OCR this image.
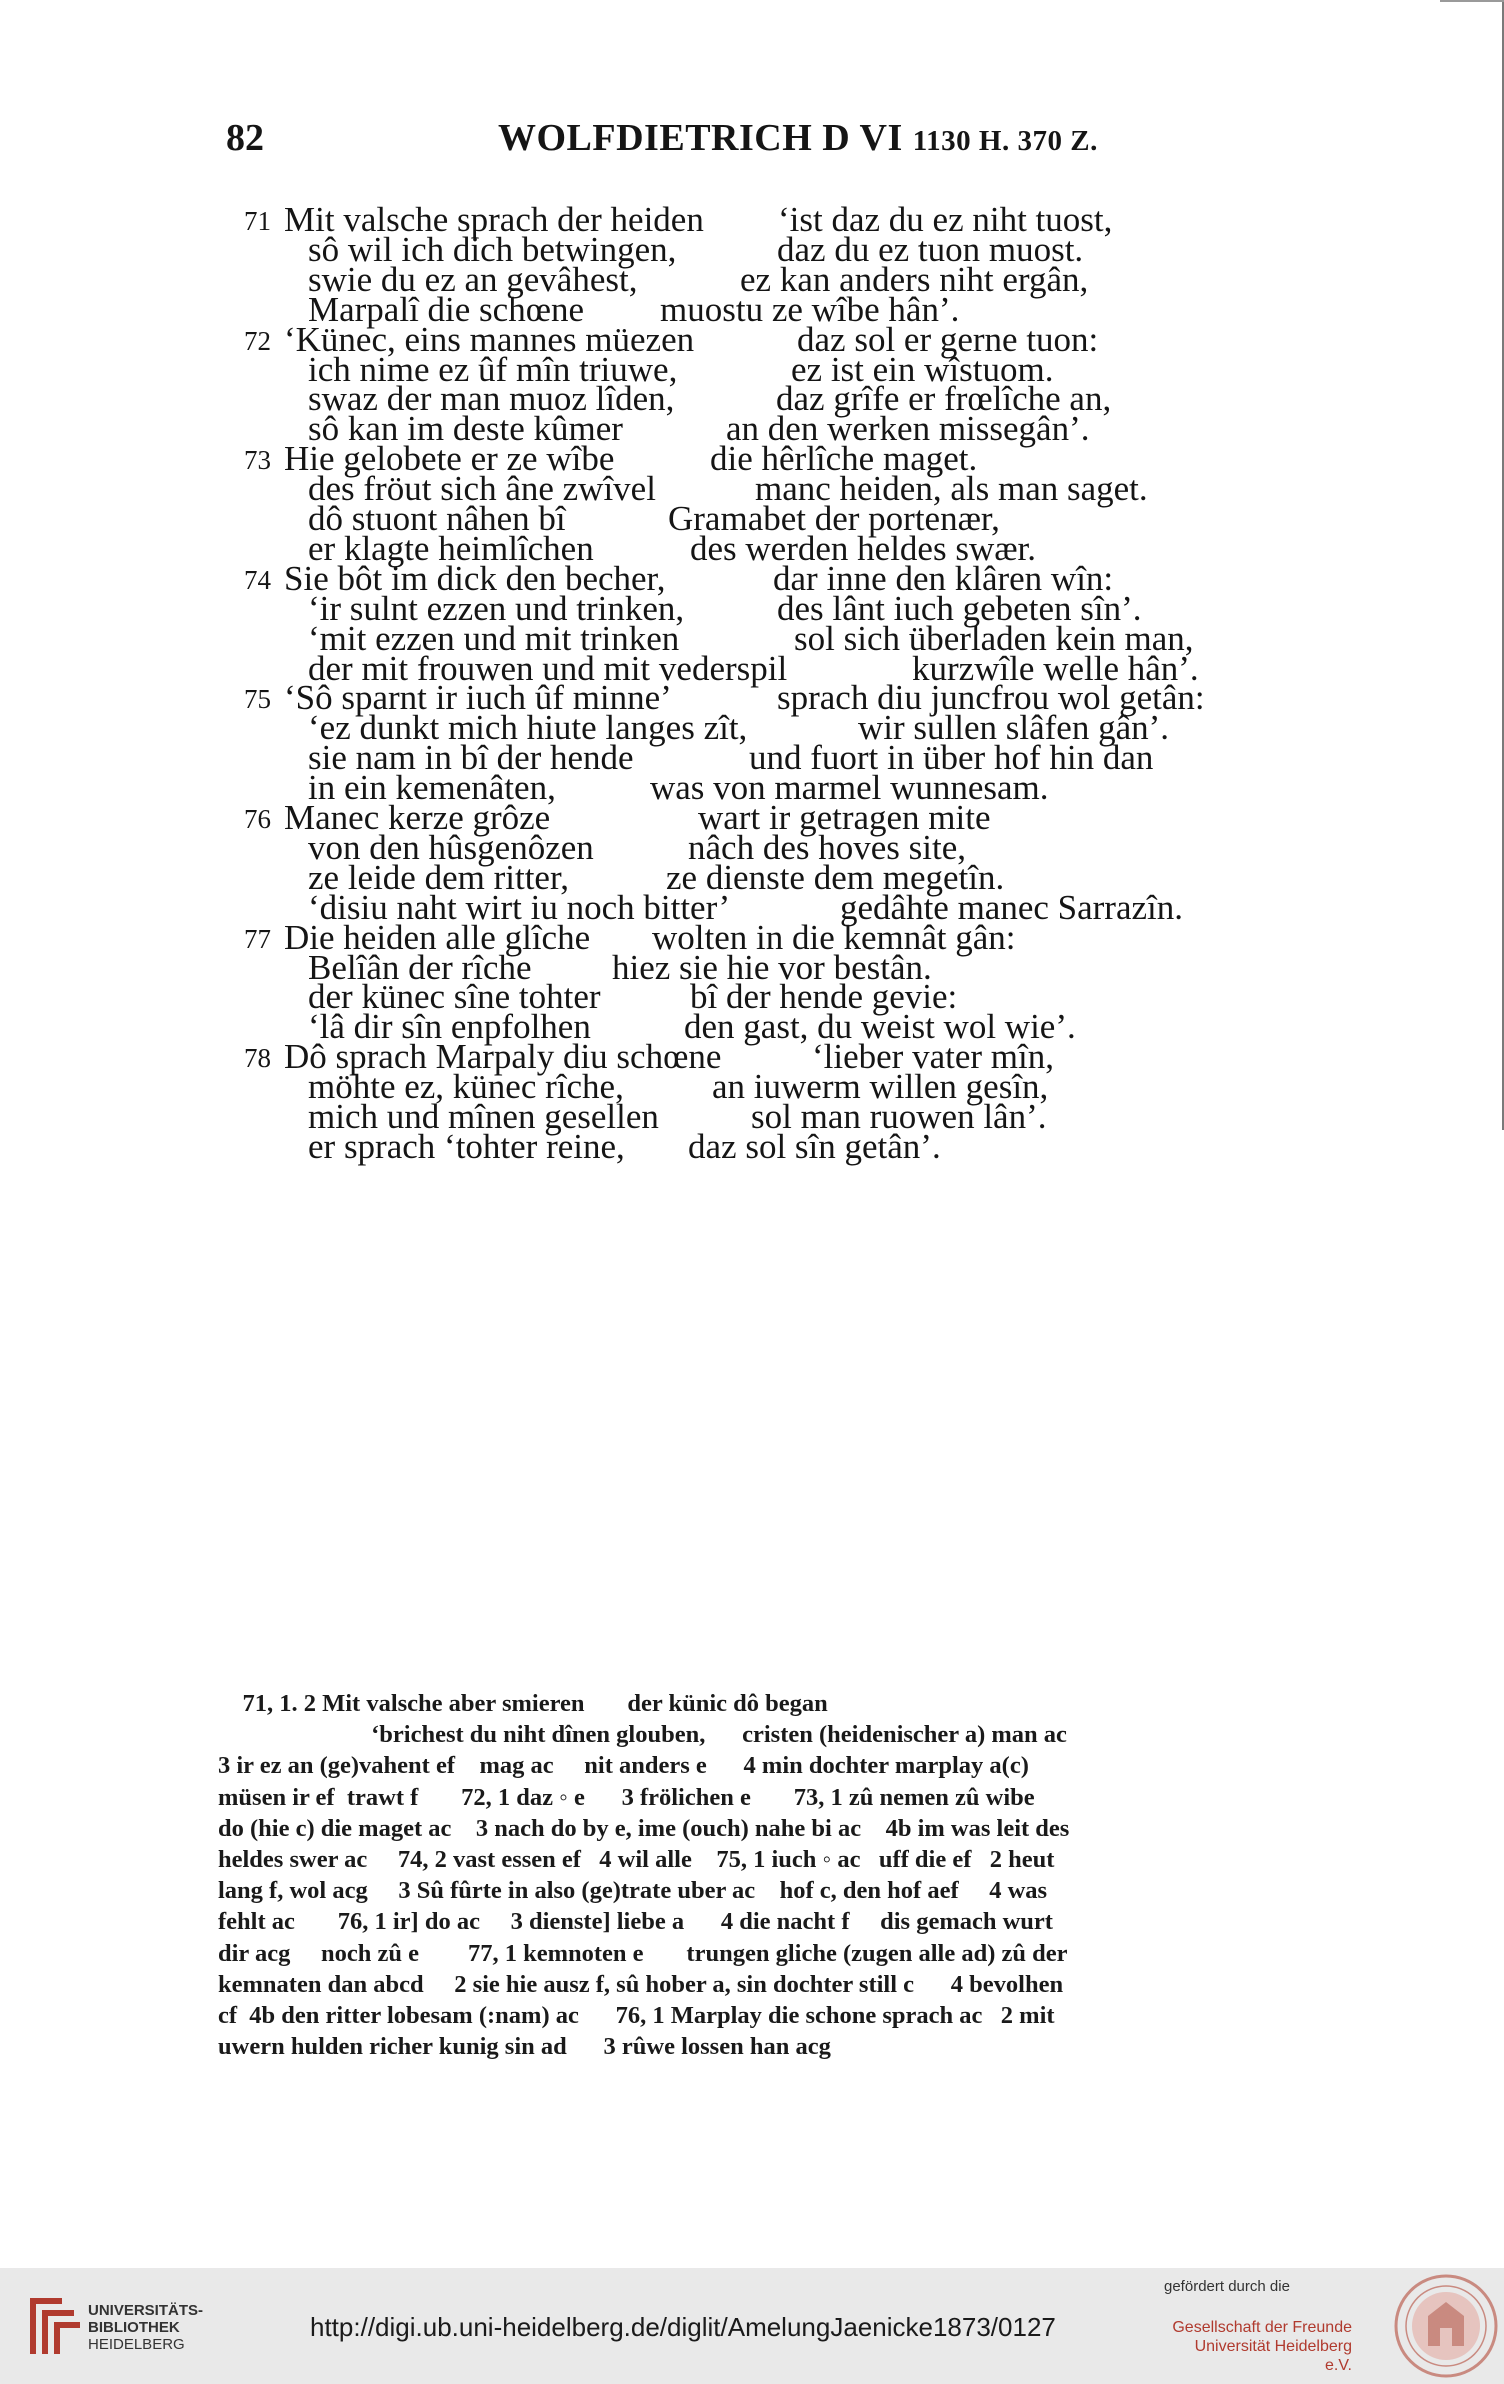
82	WOLFDIETRICH D VI 1130 H. 370 Z.
71 Mit valsche sprach der heiden ‘ist daz du ez niht tuost,
sô wil ich dich betwingen,	daz du ez tuon muost.
swie du ez an gevâhest,	ez kan anders niht ergân,
Marpalî die schœne muostu ze wîbe hân’.
72 ‘Künec, eins mannes müezen	daz sol er gerne tuon:
ich nime ez ûf mîn triuwe,	ez ist ein wîstuom.
swaz der man muoz lîden,	daz grîfe er frœlîche an,
sô kan im deste kûmer	an den werken missegân’.
73 Hie gelobete er ze wîbe	die hêrlîche maget.
des fröut sich âne zwîvel	manc heiden, als man saget.
dô stuont nâhen bî	Gramabet der portenær,
er klagte heimlîchen	des werden heldes swær.
74 Sie bôt im dick den becher,	dar inne den klâren wîn:
‘ir sulnt ezzen und trinken,	des lânt iuch gebeten sîn’.
‘mit ezzen und mit trinken	sol sich überladen kein man,
der mit frouwen und mit vederspil	kurzwîle welle hân’.
75 ‘Sô sparnt ir iuch ûf minne’	sprach diu juncfrou wol getân:
‘ez dunkt mich hiute langes zît,	wir sullen slâfen gân’.
sie nam in bî der hende	und fuort in über hof hin dan
in ein kemenâten,	was von marmel wunnesam.
76 Manec kerze grôze	wart ir getragen mite
von den hûsgenôzen	nâch des hoves site,
ze leide dem ritter,	ze dienste dem megetîn.
‘disiu naht wirt iu noch bitter’	gedâhte manec Sarrazîn.
77 Die heiden alle glîche wolten in die kemnât gân:
Belîân der rîche hiez sie hie vor bestân.
der künec sîne tohter	bî der hende gevie:
‘lâ dir sîn enpfolhen	den gast, du weist wol wie’.
78 Dô sprach Marpaly diu schœne	‘lieber vater mîn,
möhte ez, künec rîche,	an iuwerm willen gesîn,
mich und mînen gesellen	sol man ruowen lân’.
er sprach ‘tohter reine, daz sol sîn getân’.
71, 1. 2 Mit valsche aber smieren       der künic dô began
‘brichest du niht dînen glouben,      cristen (heidenischer a) man ac
3 ir ez an (ge)vahent ef    mag ac     nit anders e      4 min dochter marplay a(c)
müsen ir ef  trawt f       72, 1 daz ◦ e      3 frölichen e       73, 1 zû nemen zû wibe
do (hie c) die maget ac    3 nach do by e, ime (ouch) nahe bi ac    4b im was leit des
heldes swer ac     74, 2 vast essen ef   4 wil alle    75, 1 iuch ◦ ac   uff die ef   2 heut
lang f, wol acg     3 Sû fûrte in also (ge)trate uber ac    hof c, den hof aef     4 was
fehlt ac       76, 1 ir] do ac     3 dienste] liebe a      4 die nacht f     dis gemach wurt
dir acg     noch zû e        77, 1 kemnoten e       trungen gliche (zugen alle ad) zû der
kemnaten dan abcd     2 sie hie ausz f, sû hober a, sin dochter still c      4 bevolhen
cf  4b den ritter lobesam (:nam) ac      76, 1 Marplay die schone sprach ac   2 mit
uwern hulden richer kunig sin ad      3 rûwe lossen han acg
UNIVERSITÄTS-
BIBLIOTHEK
HEIDELBERG
http://digi.ub.uni-heidelberg.de/diglit/AmelungJaenicke1873/0127
gefördert durch die
Gesellschaft der Freunde
Universität Heidelberg e.V.
